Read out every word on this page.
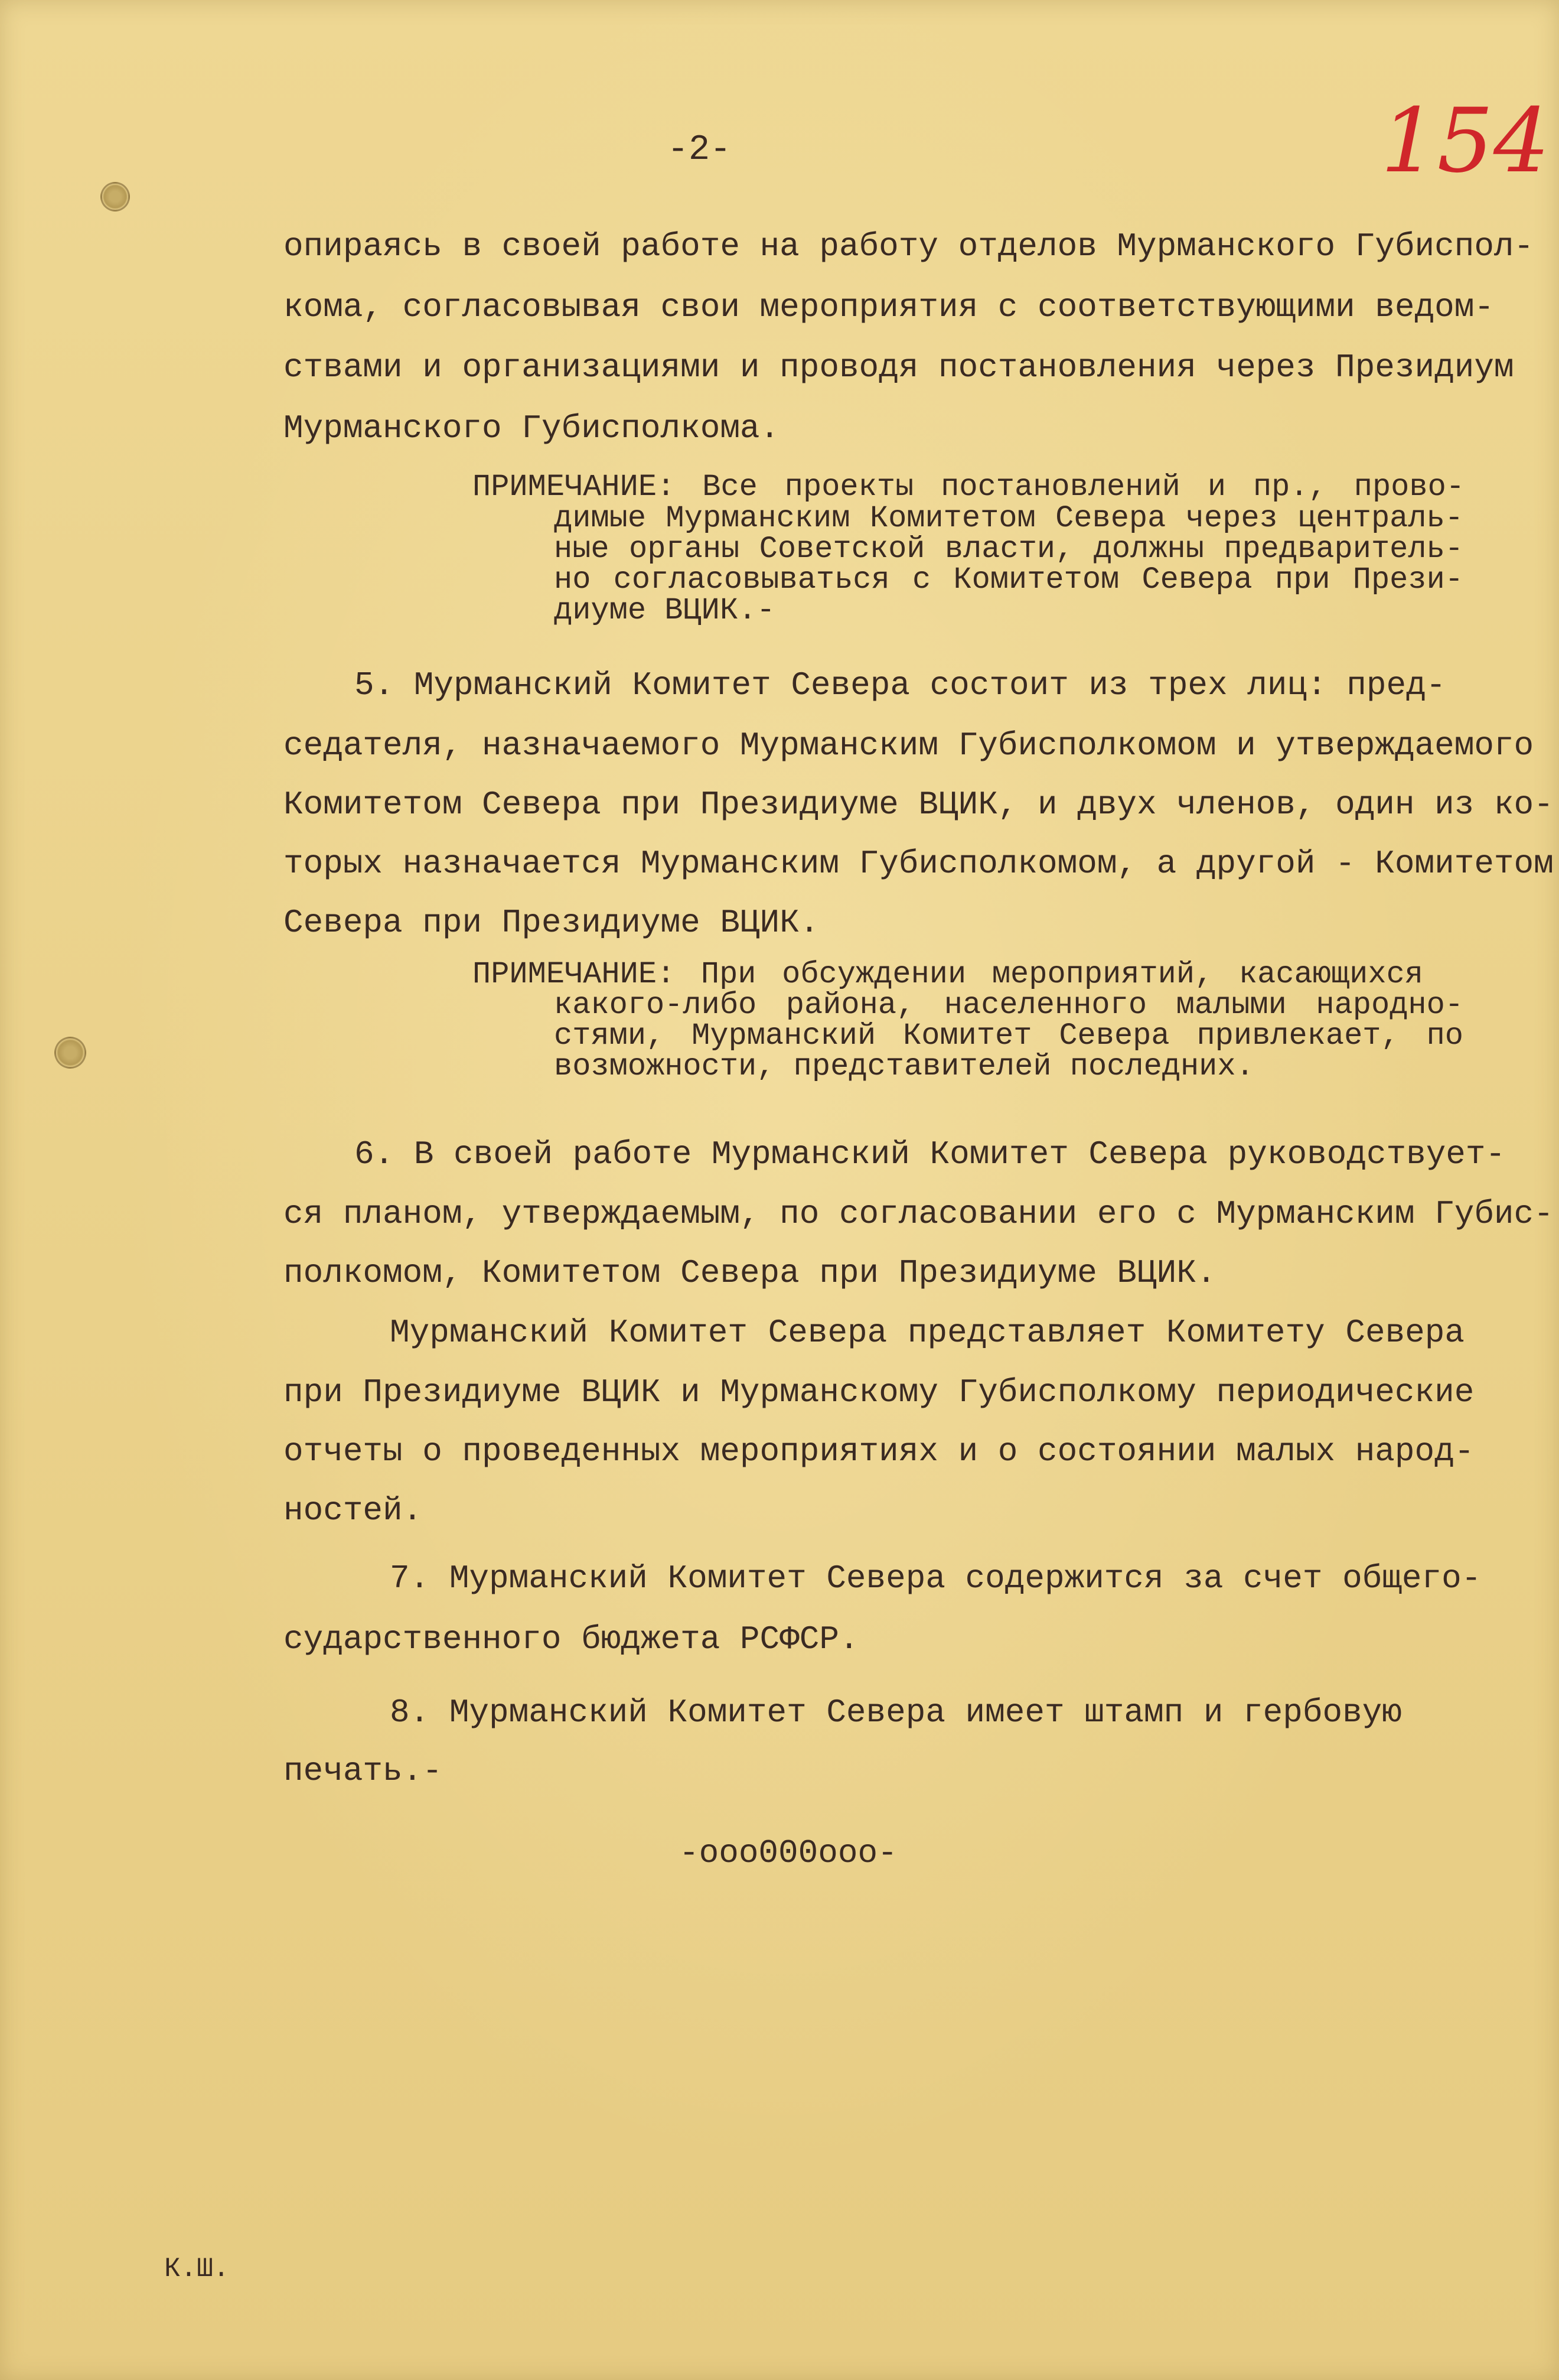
154
-2-
опираясь в своей работе на работу отделов Мурманского Губиспол-
кома, согласовывая свои мероприятия с соответствующими ведом-
ствами и организациями и проводя постановления через Президиум
Мурманского Губисполкома.
ПРИМЕЧАНИЕ: Все проекты постановлений и пр., прово-
димые Мурманским Комитетом Севера через централь-
ные органы Советской власти, должны предваритель-
но согласовываться с Комитетом Севера при Прези-
диуме ВЦИК.-
5. Мурманский Комитет Севера состоит из трех лиц: пред-
седателя, назначаемого Мурманским Губисполкомом и утверждаемого
Комитетом Севера при Президиуме ВЦИК, и двух членов, один из ко-
торых назначается Мурманским Губисполкомом, а другой - Комитетом
Севера при Президиуме ВЦИК.
ПРИМЕЧАНИЕ: При обсуждении мероприятий, касающихся
какого-либо района, населенного малыми народно-
стями, Мурманский Комитет Севера привлекает, по
возможности, представителей последних.
6. В своей работе Мурманский Комитет Севера руководствует-
ся планом, утверждаемым, по согласовании его с Мурманским Губис-
полкомом, Комитетом Севера при Президиуме ВЦИК.
Мурманский Комитет Севера представляет Комитету Севера
при Президиуме ВЦИК и Мурманскому Губисполкому периодические
отчеты о проведенных мероприятиях и о состоянии малых народ-
ностей.
7. Мурманский Комитет Севера содержится за счет общего-
сударственного бюджета РСФСР.
8. Мурманский Комитет Севера имеет штамп и гербовую
печать.-
-ооо000ооо-
К.Ш.
